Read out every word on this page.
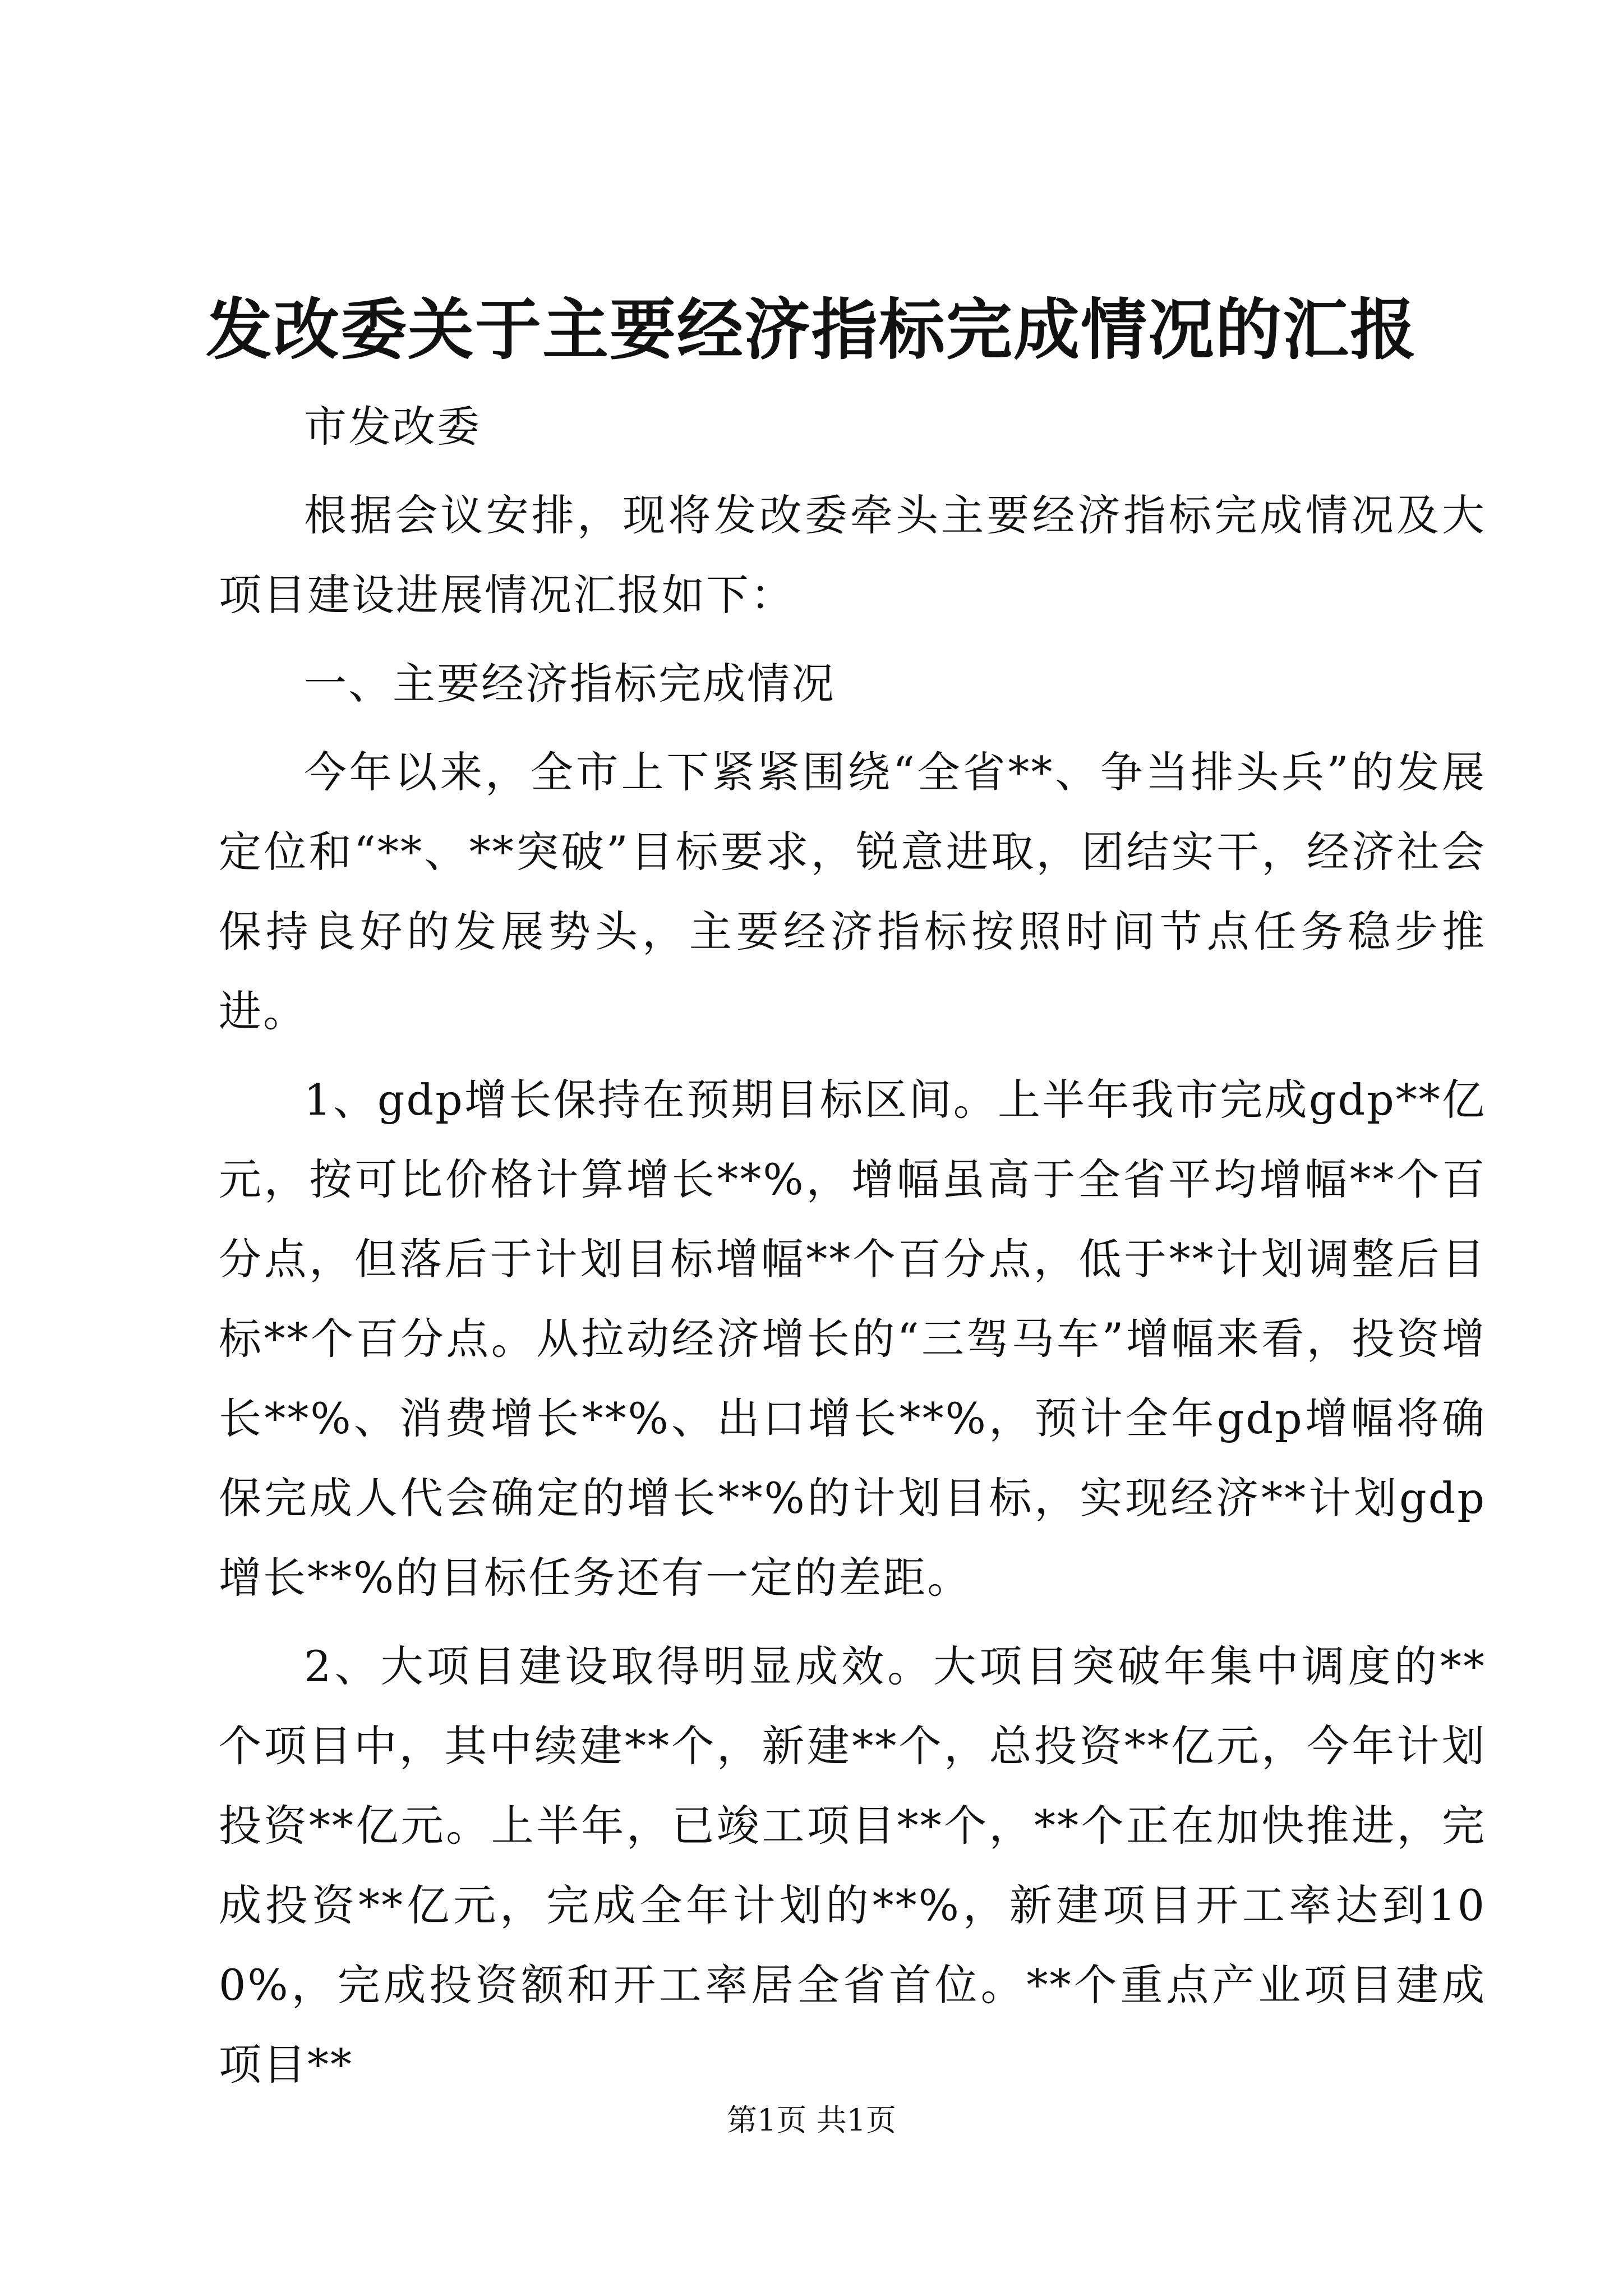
发改委关于主要经济指标完成情况的汇报

市发改委

根据会议安排，现将发改委牵头主要经济指标完成情况及大项目建设进展情况汇报如下：

一、主要经济指标完成情况

今年以来，全市上下紧紧围绕“全省**、争当排头兵”的发展定位和“**、**突破”目标要求，锐意进取，团结实干，经济社会保持良好的发展势头，主要经济指标按照时间节点任务稳步推进。

1、gdp增长保持在预期目标区间。上半年我市完成gdp**亿元，按可比价格计算增长**%，增幅虽高于全省平均增幅**个百分点，但落后于计划目标增幅**个百分点，低于**计划调整后目标**个百分点。从拉动经济增长的“三驾马车”增幅来看，投资增长**%、消费增长**%、出口增长**%，预计全年gdp增幅将确保完成人代会确定的增长**%的计划目标，实现经济**计划gdp增长**%的目标任务还有一定的差距。

2、大项目建设取得明显成效。大项目突破年集中调度的**个项目中，其中续建**个，新建**个，总投资**亿元，今年计划投资**亿元。上半年，已竣工项目**个，**个正在加快推进，完成投资**亿元，完成全年计划的**%，新建项目开工率达到100%，完成投资额和开工率居全省首位。**个重点产业项目建成项目**

第1页 共1页
